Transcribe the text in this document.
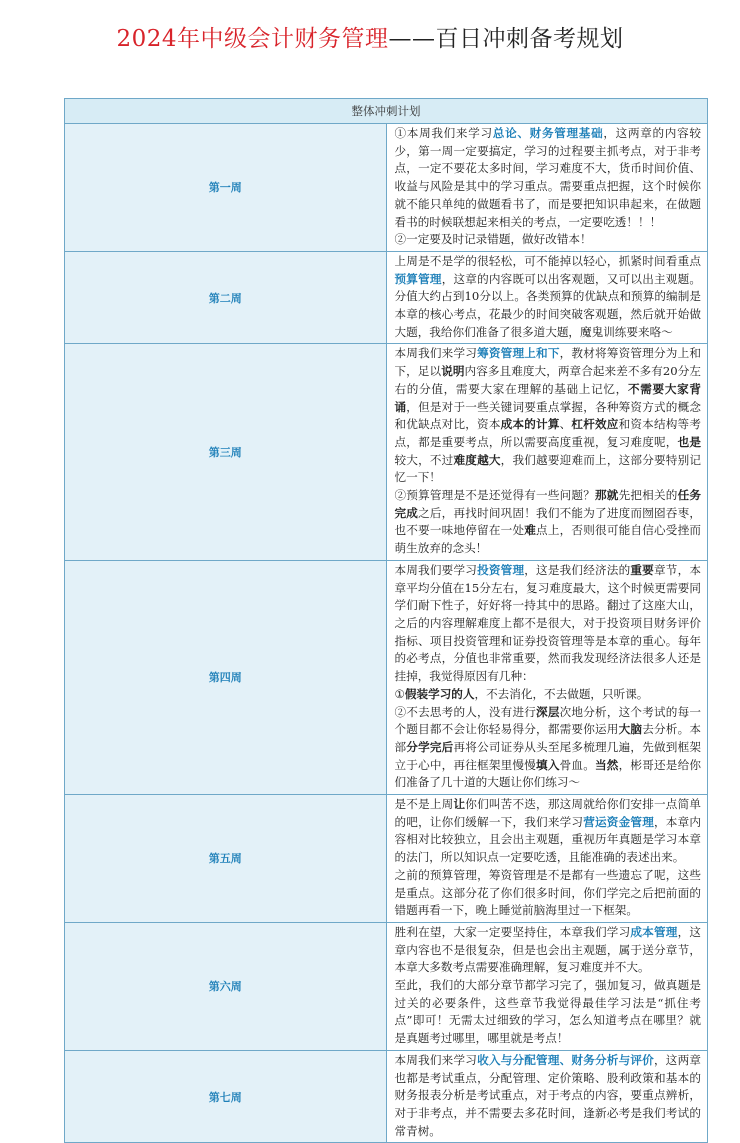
2024年中级会计财务管理——百日冲刺备考规划
整体冲刺计划	
第一周	①本周我们来学习总论、财务管理基础，这两章的内容较少，第一周一定要搞定，学习的过程要主抓考点，对于非考点，一定不要花太多时间，学习难度不大，货币时间价值、收益与风险是其中的学习重点。需要重点把握，这个时候你就不能只单纯的做题看书了，而是要把知识串起来，在做题看书的时候联想起来相关的考点，一定要吃透！！！

②一定要及时记录错题，做好改错本！

第二周	上周是不是学的很轻松，可不能掉以轻心，抓紧时间看重点预算管理，这章的内容既可以出客观题，又可以出主观题。分值大约占到10分以上。各类预算的优缺点和预算的编制是本章的核心考点，花最少的时间突破客观题，然后就开始做大题，我给你们准备了很多道大题，魔鬼训练要来咯～

第三周	本周我们来学习筹资管理上和下，教材将筹资管理分为上和下，足以说明内容多且难度大，两章合起来差不多有20分左右的分值，需要大家在理解的基础上记忆，不需要大家背诵，但是对于一些关键词要重点掌握，各种筹资方式的概念和优缺点对比，资本成本的计算、杠杆效应和资本结构等考点，都是重要考点，所以需要高度重视，复习难度呢，也是较大，不过难度越大，我们越要迎难而上，这部分要特别记忆一下！

②预算管理是不是还觉得有一些问题？那就先把相关的任务完成之后，再找时间巩固！我们不能为了进度而囫囵吞枣，也不要一味地停留在一处难点上，否则很可能自信心受挫而萌生放弃的念头！

第四周	本周我们要学习投资管理，这是我们经济法的重要章节，本章平均分值在15分左右，复习难度最大，这个时候更需要同学们耐下性子，好好将一持其中的思路。翻过了这座大山，之后的内容理解难度上都不是很大，对于投资项目财务评价指标、项目投资管理和证券投资管理等是本章的重心。每年的必考点，分值也非常重要，然而我发现经济法很多人还是挂掉，我觉得原因有几种：

①假装学习的人，不去消化，不去做题，只听课。

②不去思考的人，没有进行深层次地分析，这个考试的每一个题目都不会让你轻易得分，都需要你运用大脑去分析。本部分学完后再将公司证券从头至尾多梳理几遍，先做到框架立于心中，再往框架里慢慢填入骨血。当然，彬哥还是给你们准备了几十道的大题让你们练习～

第五周	是不是上周让你们叫苦不迭，那这周就给你们安排一点简单的吧，让你们缓解一下，我们来学习营运资金管理，本章内容相对比较独立，且会出主观题，重视历年真题是学习本章的法门，所以知识点一定要吃透，且能准确的表述出来。

之前的预算管理，筹资管理是不是都有一些遗忘了呢，这些是重点。这部分花了你们很多时间，你们学完之后把前面的错题再看一下，晚上睡觉前脑海里过一下框架。

第六周	胜利在望，大家一定要坚持住，本章我们学习成本管理，这章内容也不是很复杂，但是也会出主观题，属于送分章节，本章大多数考点需要准确理解，复习难度并不大。

至此，我们的大部分章节都学习完了，强加复习，做真题是过关的必要条件，这些章节我觉得最佳学习法是“抓住考点”即可！无需太过细致的学习，怎么知道考点在哪里？就是真题考过哪里，哪里就是考点！

第七周	本周我们来学习收入与分配管理、财务分析与评价，这两章也都是考试重点，分配管理、定价策略、股利政策和基本的财务报表分析是考试重点，对于考点的内容，要重点辨析，对于非考点，并不需要去多花时间，逢新必考是我们考试的常青树。
